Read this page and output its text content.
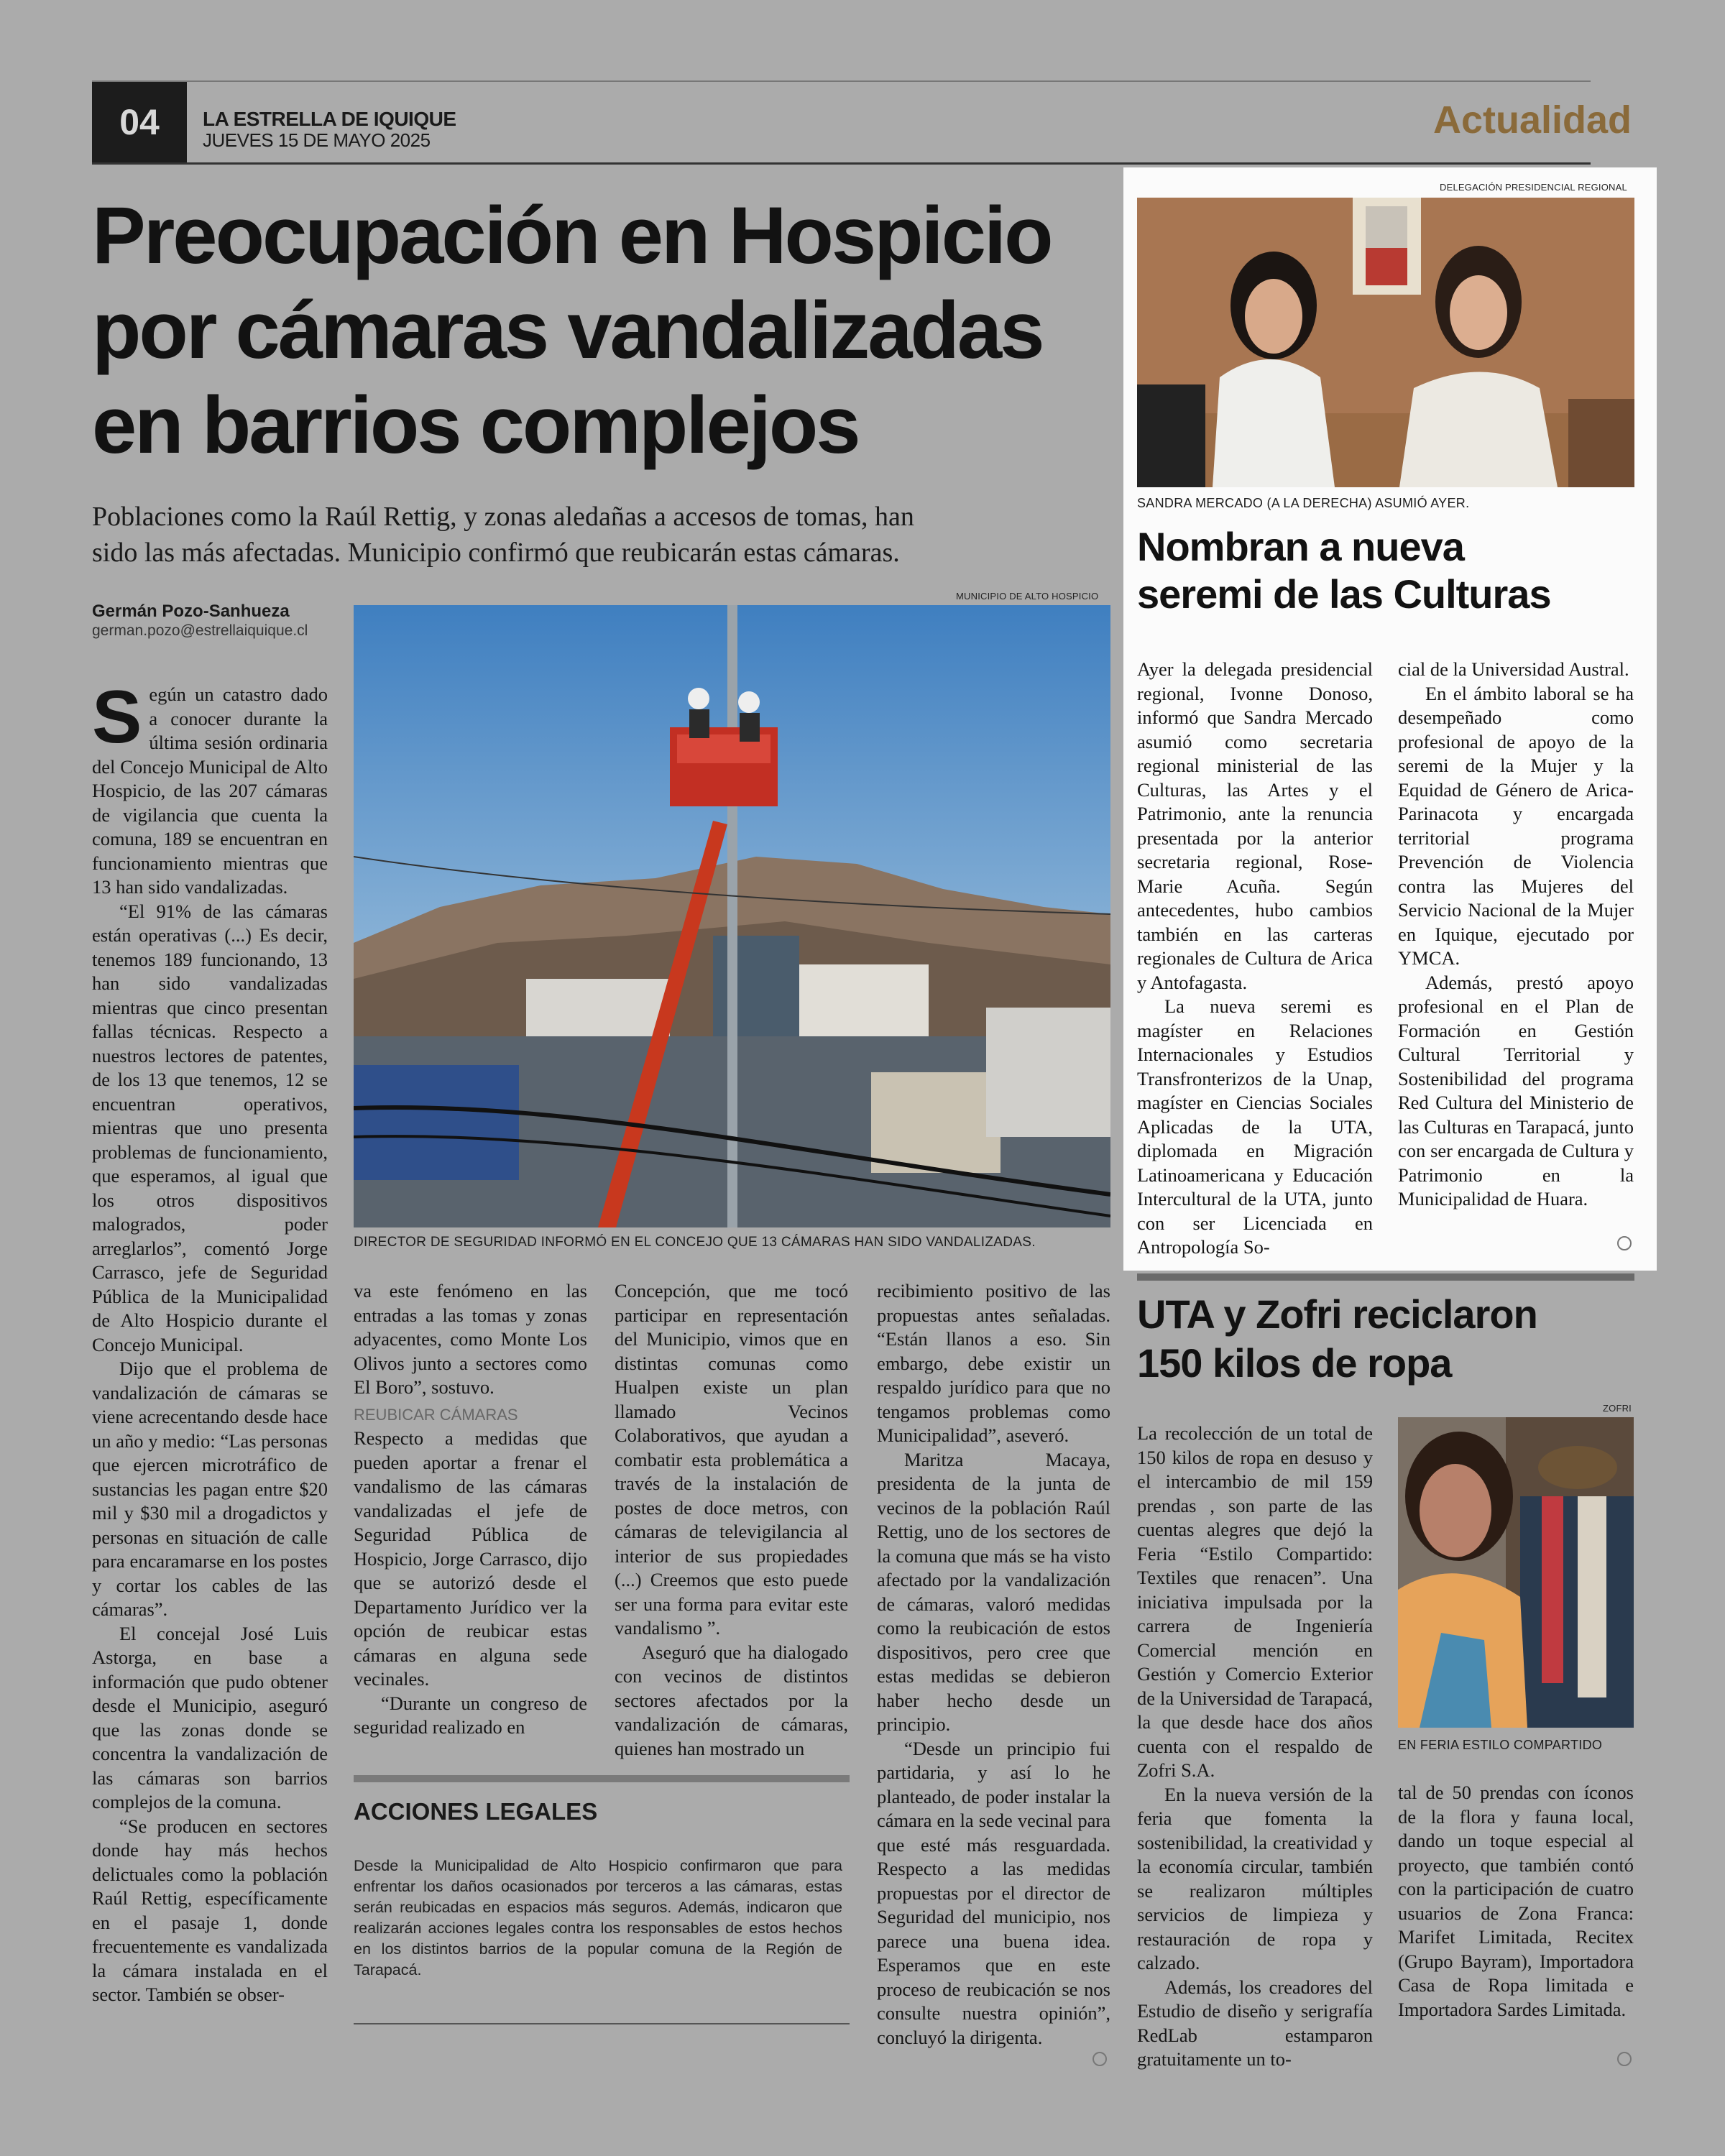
04 LA ESTRELLA DE IQUIQUE
JUEVES 15 DE MAYO 2025	Actualidad
Preocupación en Hospicio
por cámaras vandalizadas
en barrios complejos
Poblaciones como la Raúl Rettig, y zonas aledañas a accesos de tomas, han
sido las más afectadas. Municipio confirmó que reubicarán estas cámaras.
Germán Pozo-Sanhueza
german.pozo@estrellaiquique.cl
MUNICIPIO DE ALTO HOSPICIO
DIRECTOR DE SEGURIDAD INFORMÓ EN EL CONCEJO QUE 13 CÁMARAS HAN SIDO VANDALIZADAS.

Según un catastro dado a conocer durante la última sesión ordinaria del Concejo Municipal de Alto Hospicio, de las 207 cámaras de vigilancia que cuenta la comuna, 189 se encuentran en funcionamiento mientras que 13 han sido vandalizadas.

“El 91% de las cámaras están operativas (...) Es decir, tenemos 189 funcionando, 13 han sido vandalizadas mientras que cinco presentan fallas técnicas. Respecto a nuestros lectores de patentes, de los 13 que tenemos, 12 se encuentran operativos, mientras que uno presenta problemas de funcionamiento, que esperamos, al igual que los otros dispositivos malogrados, poder arreglarlos”, comentó Jorge Carrasco, jefe de Seguridad Pública de la Municipalidad de Alto Hospicio durante el Concejo Municipal.

Dijo que el problema de vandalización de cámaras se viene acrecentando desde hace un año y medio: “Las personas que ejercen microtráfico de sustancias les pagan entre $20 mil y $30 mil a drogadictos y personas en situación de calle para encaramarse en los postes y cortar los cables de las cámaras”.

El concejal José Luis Astorga, en base a información que pudo obtener desde el Municipio, aseguró que las zonas donde se concentra la vandalización de las cámaras son barrios complejos de la comuna.

“Se producen en sectores donde hay más hechos delictuales como la población Raúl Rettig, específicamente en el pasaje 1, donde frecuentemente es vandalizada la cámara instalada en el sector. También se obser-

va este fenómeno en las entradas a las tomas y zonas adyacentes, como Monte Los Olivos junto a sectores como El Boro”, sostuvo.

REUBICAR CÁMARAS

Respecto a medidas que pueden aportar a frenar el vandalismo de las cámaras vandalizadas el jefe de Seguridad Pública de Hospicio, Jorge Carrasco, dijo que se autorizó desde el Departamento Jurídico ver la opción de reubicar estas cámaras en alguna sede vecinales.

“Durante un congreso de seguridad realizado en

Concepción, que me tocó participar en representación del Municipio, vimos que en distintas comunas como Hualpen existe un plan llamado Vecinos Colaborativos, que ayudan a combatir esta problemática a través de la instalación de postes de doce metros, con cámaras de televigilancia al interior de sus propiedades (...) Creemos que esto puede ser una forma para evitar este vandalismo ”.

Aseguró que ha dialogado con vecinos de distintos sectores afectados por la vandalización de cámaras, quienes han mostrado un

recibimiento positivo de las propuestas antes señaladas. “Están llanos a eso. Sin embargo, debe existir un respaldo jurídico para que no tengamos problemas como Municipalidad”, aseveró.

Maritza Macaya, presidenta de la junta de vecinos de la población Raúl Rettig, uno de los sectores de la comuna que más se ha visto afectado por la vandalización de cámaras, valoró medidas como la reubicación de estos dispositivos, pero cree que estas medidas se debieron haber hecho desde un principio.

“Desde un principio fui partidaria, y así lo he planteado, de poder instalar la cámara en la sede vecinal para que esté más resguardada. Respecto a las medidas propuestas por el director de Seguridad del municipio, nos parece una buena idea. Esperamos que en este proceso de reubicación se nos consulte nuestra opinión”, concluyó la dirigenta.

ACCIONES LEGALES
Desde la Municipalidad de Alto Hospicio confirmaron que para enfrentar los daños ocasionados por terceros a las cámaras, estas serán reubicadas en espacios más seguros. Además, indicaron que realizarán acciones legales contra los responsables de estos hechos en los distintos barrios de la popular comuna de la Región de Tarapacá.
DELEGACIÓN PRESIDENCIAL REGIONAL
SANDRA MERCADO (A LA DERECHA) ASUMIÓ AYER.
Nombran a nueva
seremi de las Culturas

Ayer la delegada presidencial regional, Ivonne Donoso, informó que Sandra Mercado asumió como secretaria regional ministerial de las Culturas, las Artes y el Patrimonio, ante la renuncia presentada por la anterior secretaria regional, Rose-Marie Acuña. Según antecedentes, hubo cambios también en las carteras regionales de Cultura de Arica y Antofagasta.

La nueva seremi es magíster en Relaciones Internacionales y Estudios Transfronterizos de la Unap, magíster en Ciencias Sociales Aplicadas de la UTA, diplomada en Migración Latinoamericana y Educación Intercultural de la UTA, junto con ser Licenciada en Antropología So-

cial de la Universidad Austral.

En el ámbito laboral se ha desempeñado como profesional de apoyo de la seremi de la Mujer y la Equidad de Género de Arica-Parinacota y encargada territorial programa Prevención de Violencia contra las Mujeres del Servicio Nacional de la Mujer en Iquique, ejecutado por YMCA.

Además, prestó apoyo profesional en el Plan de Formación en Gestión Cultural Territorial y Sostenibilidad del programa Red Cultura del Ministerio de las Culturas en Tarapacá, junto con ser encargada de Cultura y Patrimonio en la Municipalidad de Huara.

UTA y Zofri reciclaron
150 kilos de ropa
ZOFRI
EN FERIA ESTILO COMPARTIDO

La recolección de un total de 150 kilos de ropa en desuso y el intercambio de mil 159 prendas , son parte de las cuentas alegres que dejó la Feria “Estilo Compartido: Textiles que renacen”. Una iniciativa impulsada por la carrera de Ingeniería Comercial mención en Gestión y Comercio Exterior de la Universidad de Tarapacá, la que desde hace dos años cuenta con el respaldo de Zofri S.A.

En la nueva versión de la feria que fomenta la sostenibilidad, la creatividad y la economía circular, también se realizaron múltiples servicios de limpieza y restauración de ropa y calzado.

Además, los creadores del Estudio de diseño y serigrafía RedLab estamparon gratuitamente un to-

tal de 50 prendas con íconos de la flora y fauna local, dando un toque especial al proyecto, que también contó con la participación de cuatro usuarios de Zona Franca: Marifet Limitada, Recitex (Grupo Bayram), Importadora Casa de Ropa limitada e Importadora Sardes Limitada.
